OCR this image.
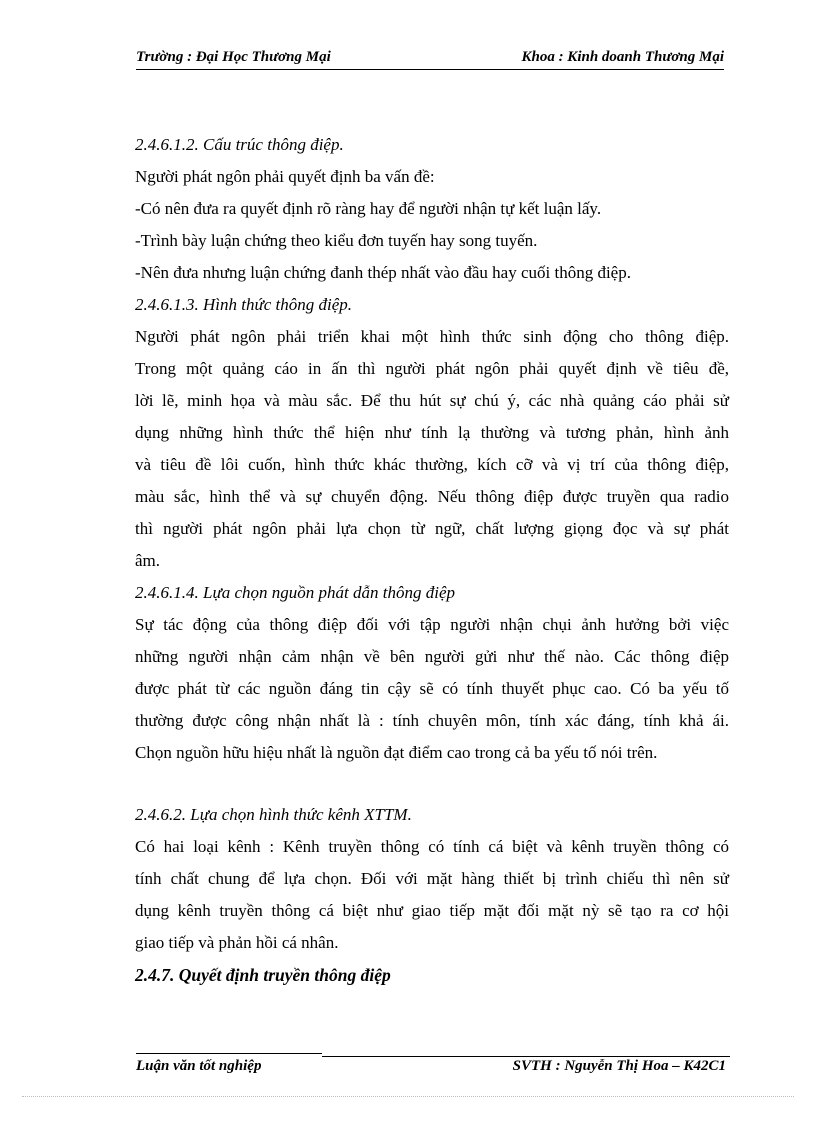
Trường : Đại Học Thương Mại	Khoa : Kinh doanh Thương Mại
2.4.6.1.2. Cấu trúc thông điệp.
Người phát ngôn phải quyết định ba vấn đề:
-Có nên đưa ra quyết định rõ ràng hay để người nhận tự kết luận lấy.
-Trình bày luận chứng theo kiểu đơn tuyến hay song tuyến.
-Nên đưa nhưng luận chứng đanh thép nhất vào đầu hay cuối thông điệp.
2.4.6.1.3. Hình thức thông điệp.
Người phát ngôn phải triển khai một hình thức sinh động cho thông điệp.
Trong một quảng cáo in ấn thì người phát ngôn phải quyết định về tiêu đề,
lời lẽ, minh họa và màu sắc. Để thu hút sự chú ý, các nhà quảng cáo phải sử
dụng những hình thức thể hiện như tính lạ thường và tương phản, hình ảnh
và tiêu đề lôi cuốn, hình thức khác thường, kích cỡ và vị trí của thông điệp,
màu sắc, hình thể và sự chuyển động. Nếu thông điệp được truyền qua radio
thì người phát ngôn phải lựa chọn từ ngữ, chất lượng giọng đọc và sự phát
âm.
2.4.6.1.4. Lựa chọn nguồn phát dẫn thông điệp
Sự tác động của thông điệp đối với tập người nhận chụi ảnh hưởng bởi việc
những người nhận cảm nhận về bên người gửi như thế nào. Các thông điệp
được phát từ các nguồn đáng tin cậy sẽ có tính thuyết phục cao. Có ba yếu tố
thường được công nhận nhất là : tính chuyên môn, tính xác đáng, tính khả ái.
Chọn nguồn hữu hiệu nhất là nguồn đạt điểm cao trong cả ba yếu tố nói trên.
2.4.6.2. Lựa chọn hình thức kênh XTTM.
Có hai loại kênh : Kênh truyền thông có tính cá biệt và kênh truyền thông có
tính chất chung để lựa chọn. Đối với mặt hàng thiết bị trình chiếu thì nên sử
dụng kênh truyền thông cá biệt như giao tiếp mặt đối mặt nỳ sẽ tạo ra cơ hội
giao tiếp và phản hồi cá nhân.
2.4.7. Quyết định truyền thông điệp
Luận văn tốt nghiệp	SVTH : Nguyễn Thị Hoa – K42C1
